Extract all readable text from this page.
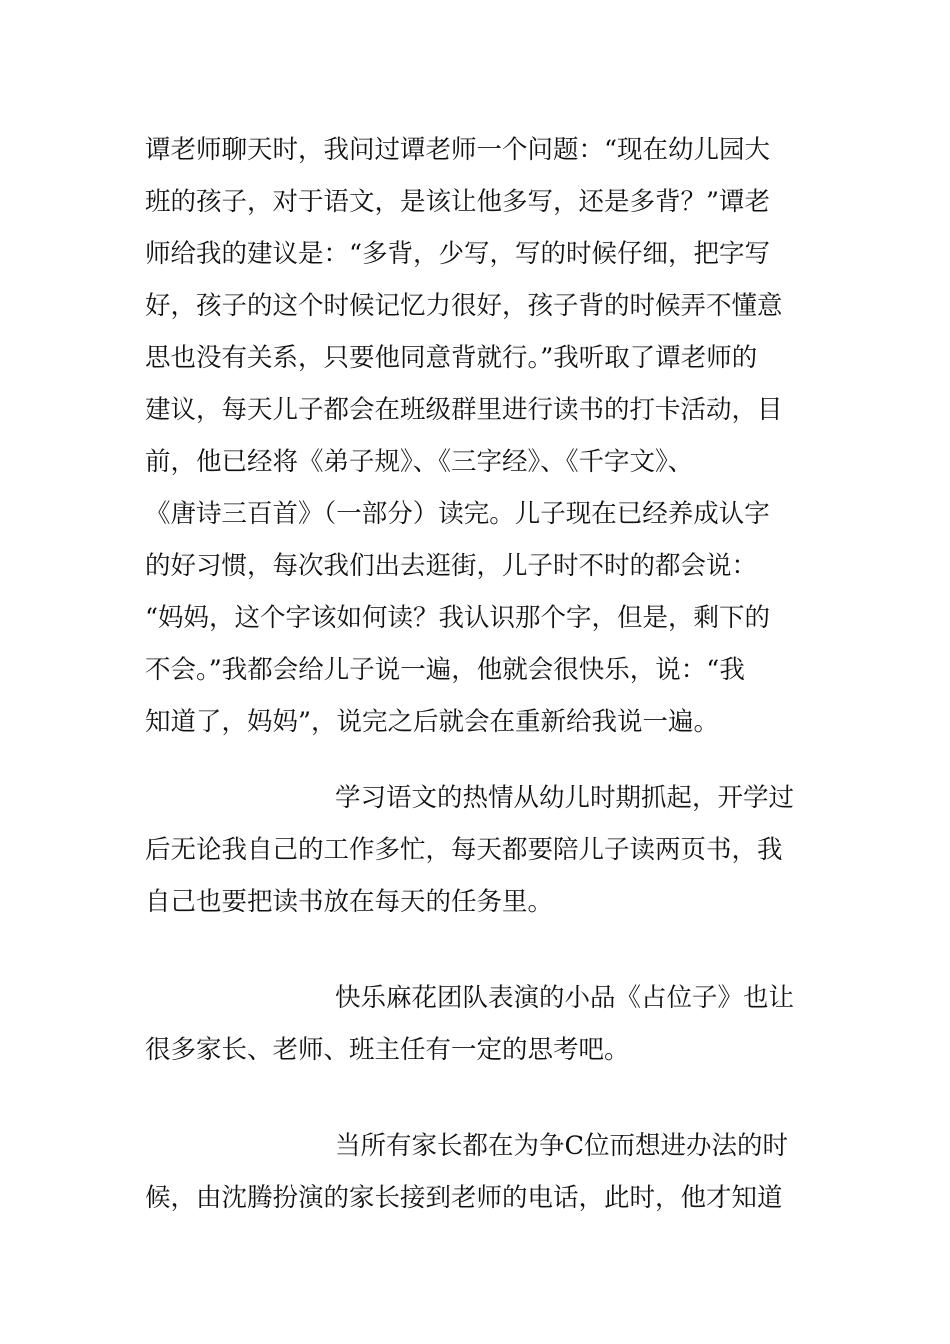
谭老师聊天时，我问过谭老师一个问题：“现在幼儿园大
班的孩子，对于语文，是该让他多写，还是多背？”谭老
师给我的建议是：“多背，少写，写的时候仔细，把字写
好，孩子的这个时候记忆力很好，孩子背的时候弄不懂意
思也没有关系，只要他同意背就行。”我听取了谭老师的
建议，每天儿子都会在班级群里进行读书的打卡活动，目
前，他已经将《弟子规》、《三字经》、《千字文》、
《唐诗三百首》（一部分）读完。儿子现在已经养成认字
的好习惯，每次我们出去逛街，儿子时不时的都会说：
“妈妈，这个字该如何读？我认识那个字，但是，剩下的
不会。”我都会给儿子说一遍，他就会很快乐，说：“我
知道了，妈妈”，说完之后就会在重新给我说一遍。
学习语文的热情从幼儿时期抓起，开学过
后无论我自己的工作多忙，每天都要陪儿子读两页书，我
自己也要把读书放在每天的任务里。
快乐麻花团队表演的小品《占位子》也让
很多家长、老师、班主任有一定的思考吧。
当所有家长都在为争C位而想进办法的时
候，由沈腾扮演的家长接到老师的电话，此时，他才知道
